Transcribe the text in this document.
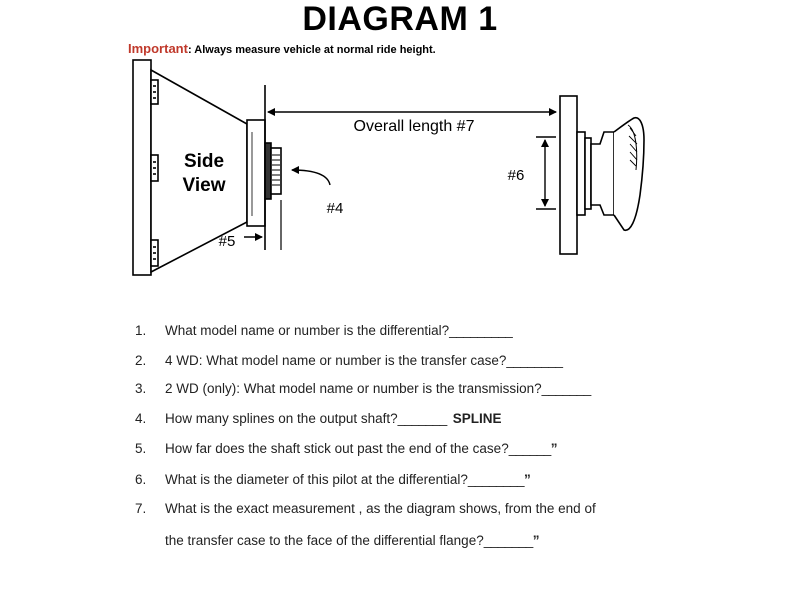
DIAGRAM 1
Important: Always measure vehicle at normal ride height.
Side
View
Overall length #7
#4
#5
#6
1. What model name or number is the differential?_________
2. 4 WD: What model name or number is the transfer case?________
3. 2 WD (only): What model name or number is the transmission?_______
4. How many splines on the output shaft?_______ SPLINE
5. How far does the shaft stick out past the end of the case?______”
6. What is the diameter of this pilot at the differential?________”
7. What is the exact measurement , as the diagram shows, from the end of
the transfer case to the face of the differential flange?_______”
